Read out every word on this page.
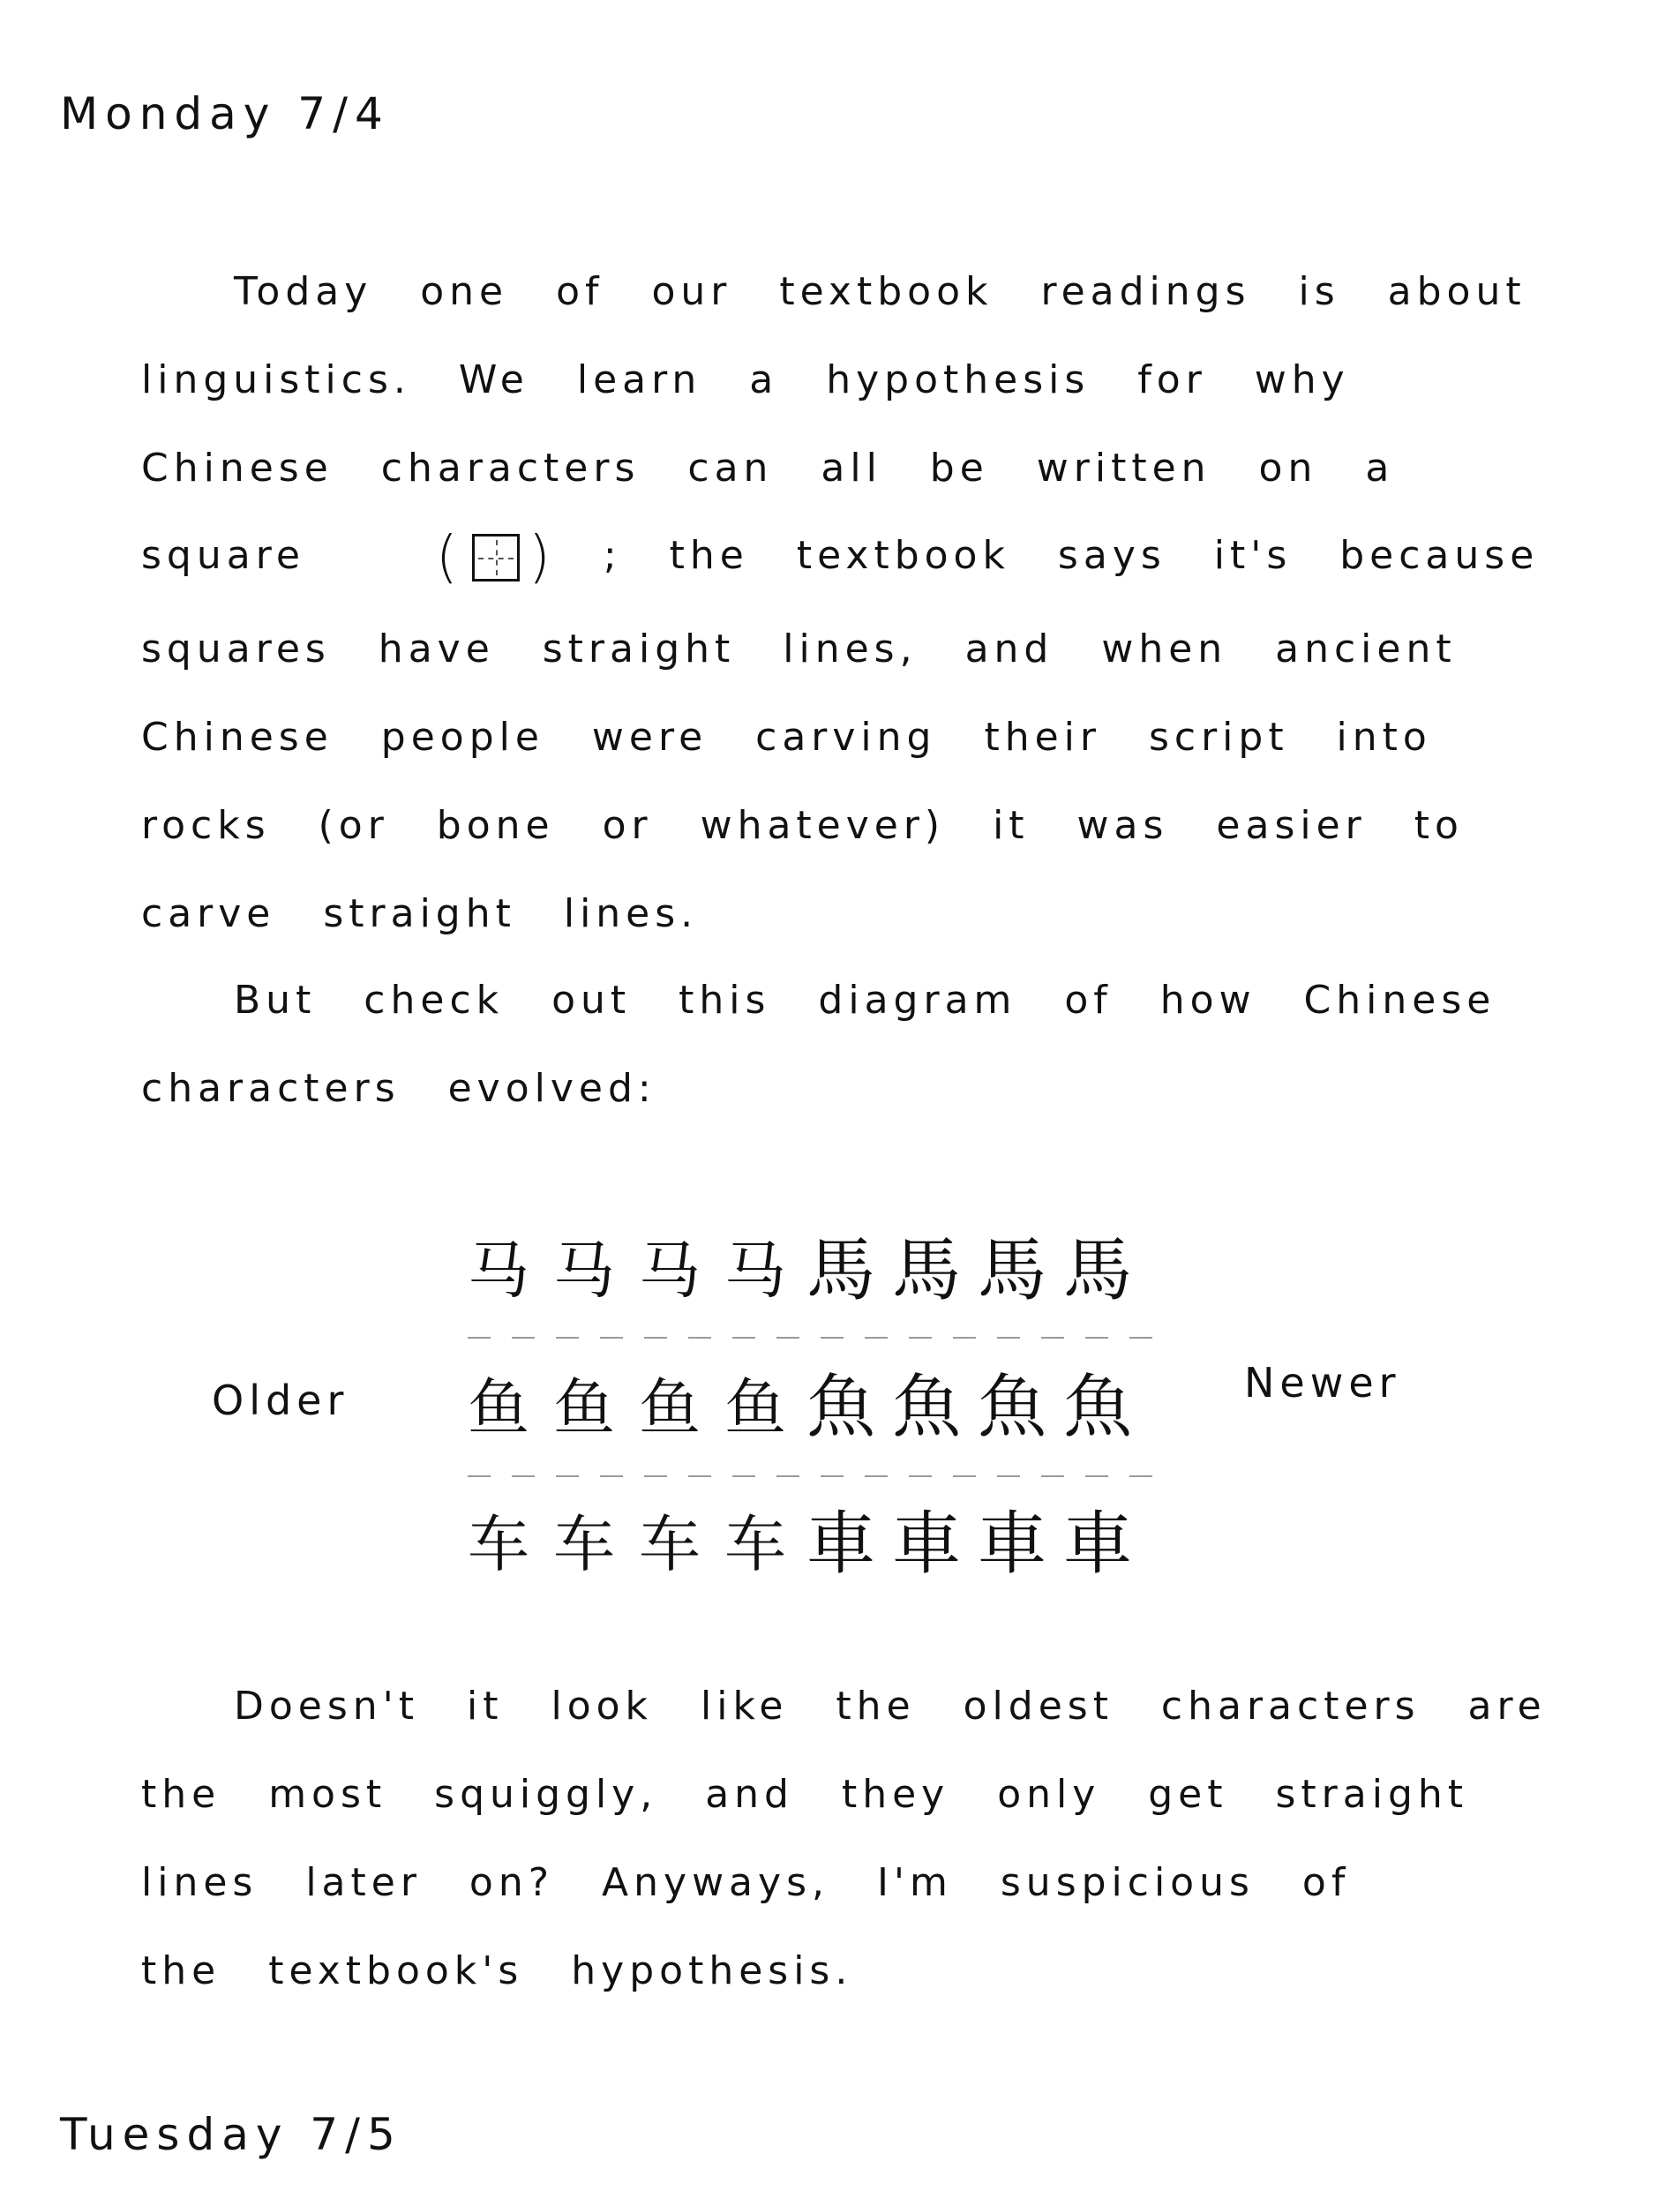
Monday 7/4
Today one of our textbook readings is about
linguistics. We learn a hypothesis for why
Chinese characters can all be written on a
square ( ) ; the textbook says it's because
squares have straight lines, and when ancient
Chinese people were carving their script into
rocks (or bone or whatever) it was easier to
carve straight lines.
But check out this diagram of how Chinese
characters evolved:
Older	Newer
马 马 马 马 馬 馬 馬 馬
鱼 鱼 鱼 鱼 魚 魚 魚 魚
车 车 车 车 車 車 車 車
Doesn't it look like the oldest characters are
the most squiggly, and they only get straight
lines later on? Anyways, I'm suspicious of
the textbook's hypothesis.
Tuesday 7/5
